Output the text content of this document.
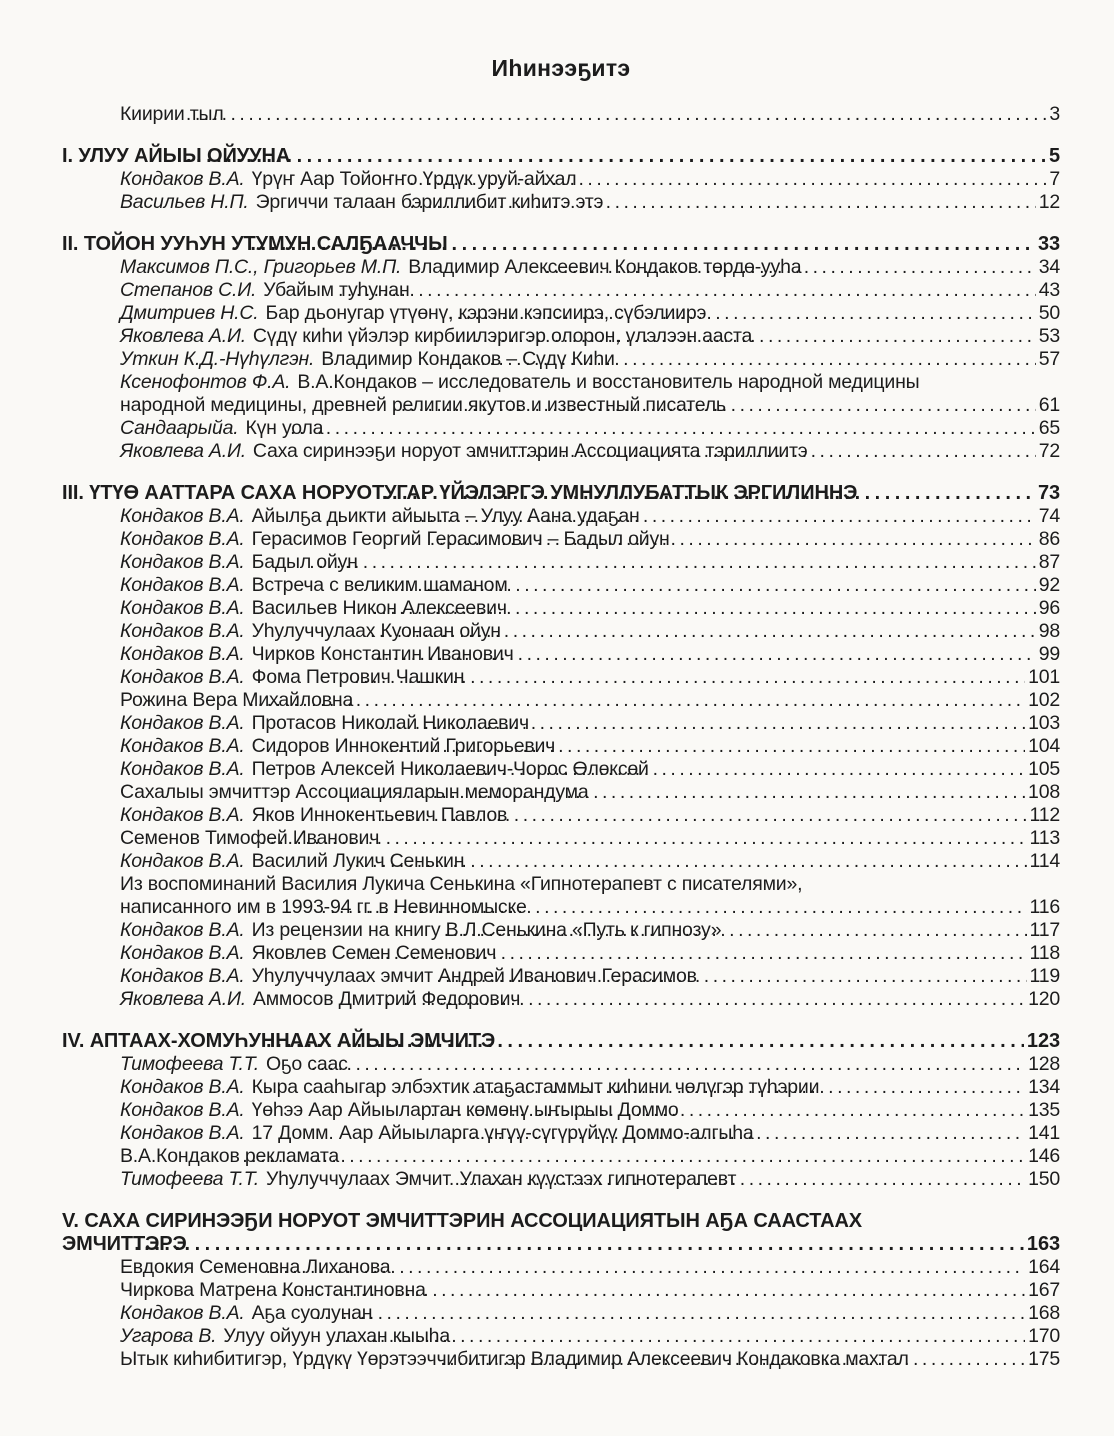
Иһинээҕитэ
Киирии тыл .....	3
I. УЛУУ АЙЫЫ ОЙУУНА .....	5
Кондаков В.А. Үрүҥ Аар Тойоҥҥо Үрдүк уруй-айхал .....	7
Васильев Н.П. Эргиччи талаан бэриллибит киһитэ этэ .....	12
II. ТОЙОН УУҺУН УТУМУН САЛҔААЧЧЫ .....	33
Максимов П.С., Григорьев М.П. Владимир Алексеевич Кондаков төрдө-ууһа .....	34
Степанов С.И. Убайым туһунан .....	43
Дмитриев Н.С. Бар дьонугар үтүөнү, кэрэни кэпсиирэ, сүбэлиирэ .....	50
Яковлева А.И. Сүдү киһи үйэлэр кирбиилэригэр олорон, үлэлээн ааста .....	53
Уткин К.Д.-Нүһүлгэн. Владимир Кондаков – Сүдү Киһи .....	57
Ксенофонтов Ф.А. В.А.Кондаков – исследователь и восстановитель народной медицины
народной медицины, древней религии якутов и известный писатель .....	61
Сандаарыйа. Күн уола .....	65
Яковлева А.И. Саха сиринээҕи норуот эмчиттэрин Ассоциацията тэриллиитэ .....	72
III. ҮТҮӨ ААТТАРА САХА НОРУОТУГАР ҮЙЭЛЭРГЭ УМНУЛЛУБАТТЫК ЭРГИЛИННЭ .....	73
Кондаков В.А. Айылҕа дьикти айыыта – Улуу Аана удаҕан .....	74
Кондаков В.А. Герасимов Георгий Герасимович – Бадыл ойун .....	86
Кондаков В.А. Бадыл ойун .....	87
Кондаков В.А. Встреча с великим шаманом .....	92
Кондаков В.А. Васильев Никон Алексеевич .....	96
Кондаков В.А. Уһулуччулаах Куонаан ойун .....	98
Кондаков В.А. Чирков Константин Иванович .....	99
Кондаков В.А. Фома Петрович Чашкин .....	101
Рожина Вера Михайловна .....	102
Кондаков В.А. Протасов Николай Николаевич .....	103
Кондаков В.А. Сидоров Иннокентий Григорьевич .....	104
Кондаков В.А. Петров Алексей Николаевич-Чорос Өлөксөй .....	105
Сахалыы эмчиттэр Ассоциацияларын меморандума .....	108
Кондаков В.А. Яков Иннокентьевич Павлов .....	112
Семенов Тимофей Иванович .....	113
Кондаков В.А. Василий Лукич Сенькин .....	114
Из воспоминаний Василия Лукича Сенькина «Гипнотерапевт с писателями»,
написанного им в 1993-94 гг. в Невинномыске .....	116
Кондаков В.А. Из рецензии на книгу В.Л.Сенькина «Путь к гипнозу» .....	117
Кондаков В.А. Яковлев Семен Семенович .....	118
Кондаков В.А. Уһулуччулаах эмчит Андрей Иванович Герасимов .....	119
Яковлева А.И. Аммосов Дмитрий Федорович .....	120
IV. АПТААХ-ХОМУҺУННААХ АЙЫЫ ЭМЧИТЭ .....	123
Тимофеева Т.Т. Оҕо саас .....	128
Кондаков В.А. Кыра сааһыгар элбэхтик атаҕастаммыт киһини чөлүгэр түһэрии .....	134
Кондаков В.А. Үөһээ Аар Айыылартан көмөнү ыҥырыы Доммо .....	135
Кондаков В.А. 17 Домм. Аар Айыыларга үҥүү-сүгүрүйүү Доммо-алгыһа .....	141
В.А.Кондаков рекламата .....	146
Тимофеева Т.Т. Уһулуччулаах Эмчит. Улахан күүстээх гипнотерапевт .....	150
V. САХА СИРИНЭЭҔИ НОРУОТ ЭМЧИТТЭРИН АССОЦИАЦИЯТЫН АҔА СААСТААХ
ЭМЧИТТЭРЭ .....	163
Евдокия Семеновна Лиханова .....	164
Чиркова Матрена Константиновна .....	167
Кондаков В.А. Аҕа суолунан .....	168
Угарова В. Улуу ойуун улахан кыыһа .....	170
Ытык киһибитигэр, Үрдүкү Үөрэтээччибитигэр Владимир Алексеевич Кондаковка махтал .....	175
